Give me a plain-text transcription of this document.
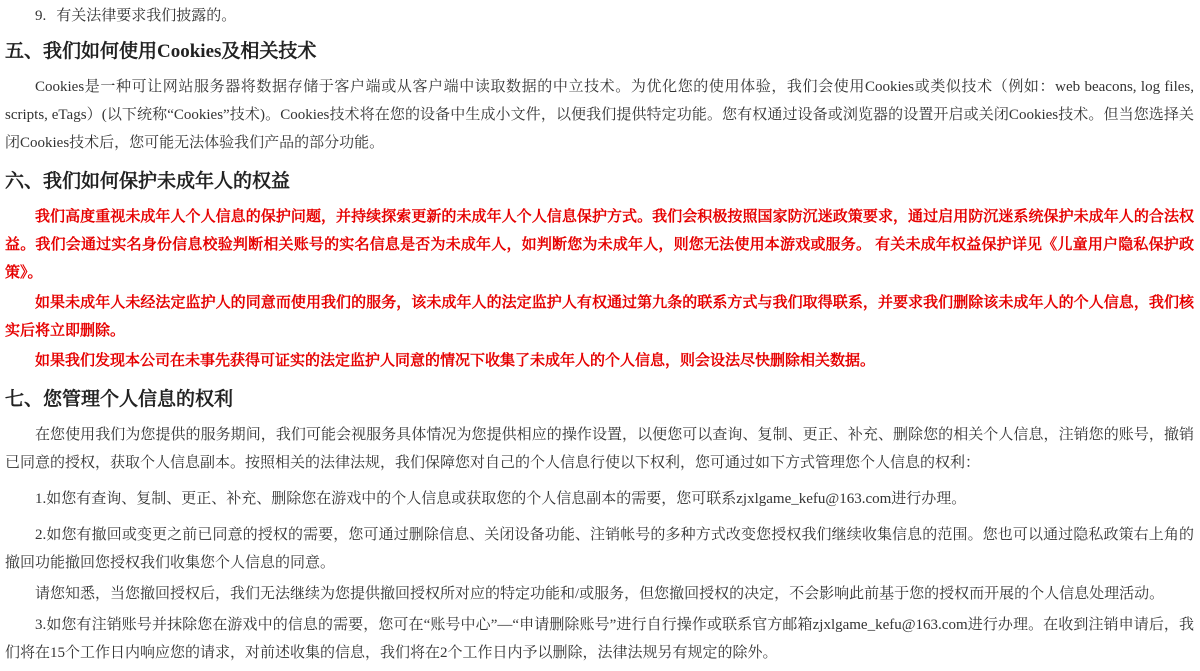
9. 有关法律要求我们披露的。
五、我们如何使用Cookies及相关技术

Cookies是一种可让网站服务器将数据存储于客户端或从客户端中读取数据的中立技术。为优化您的使用体验，我们会使用Cookies或类似技术（例如：web beacons, log files, scripts, eTags）(以下统称“Cookies”技术)。Cookies技术将在您的设备中生成小文件，以便我们提供特定功能。您有权通过设备或浏览器的设置开启或关闭Cookies技术。但当您选择关闭Cookies技术后，您可能无法体验我们产品的部分功能。

六、我们如何保护未成年人的权益

我们高度重视未成年人个人信息的保护问题，并持续探索更新的未成年人个人信息保护方式。我们会积极按照国家防沉迷政策要求，通过启用防沉迷系统保护未成年人的合法权益。我们会通过实名身份信息校验判断相关账号的实名信息是否为未成年人，如判断您为未成年人，则您无法使用本游戏或服务。 有关未成年权益保护详见《儿童用户隐私保护政策》。

如果未成年人未经法定监护人的同意而使用我们的服务，该未成年人的法定监护人有权通过第九条的联系方式与我们取得联系，并要求我们删除该未成年人的个人信息，我们核实后将立即删除。

如果我们发现本公司在未事先获得可证实的法定监护人同意的情况下收集了未成年人的个人信息，则会设法尽快删除相关数据。

七、您管理个人信息的权利

在您使用我们为您提供的服务期间，我们可能会视服务具体情况为您提供相应的操作设置，以便您可以查询、复制、更正、补充、删除您的相关个人信息，注销您的账号，撤销已同意的授权，获取个人信息副本。按照相关的法律法规，我们保障您对自己的个人信息行使以下权利，您可通过如下方式管理您个人信息的权利：

1.如您有查询、复制、更正、补充、删除您在游戏中的个人信息或获取您的个人信息副本的需要，您可联系zjxlgame_kefu@163.com进行办理。

2.如您有撤回或变更之前已同意的授权的需要，您可通过删除信息、关闭设备功能、注销帐号的多种方式改变您授权我们继续收集信息的范围。您也可以通过隐私政策右上角的撤回功能撤回您授权我们收集您个人信息的同意。

请您知悉，当您撤回授权后，我们无法继续为您提供撤回授权所对应的特定功能和/或服务，但您撤回授权的决定，不会影响此前基于您的授权而开展的个人信息处理活动。

3.如您有注销账号并抹除您在游戏中的信息的需要，您可在“账号中心”—“申请删除账号”进行自行操作或联系官方邮箱zjxlgame_kefu@163.com进行办理。在收到注销申请后，我们将在15个工作日内响应您的请求，对前述收集的信息，我们将在2个工作日内予以删除，法律法规另有规定的除外。
